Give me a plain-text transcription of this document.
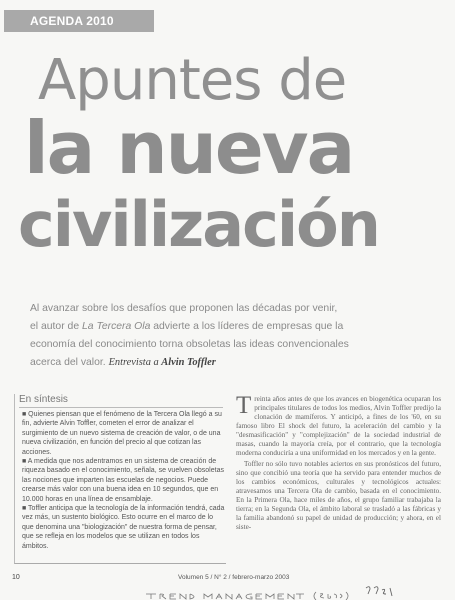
AGENDA 2010
Apuntes de
la nueva
civilización
Al avanzar sobre los desafíos que proponen las décadas por venir,
el autor de La Tercera Ola advierte a los líderes de empresas que la
economía del conocimiento torna obsoletas las ideas convencionales
acerca del valor. Entrevista a Alvin Toffler
En síntesis

■ Quienes piensan que el fenómeno de la Tercera Ola llegó a su fin, advierte Alvin Toffler, cometen el error de analizar el surgimiento de un nuevo sistema de creación de valor, o de una nueva civilización, en función del precio al que cotizan las acciones.

■ A medida que nos adentramos en un sistema de creación de riqueza basado en el conocimiento, señala, se vuelven obsoletas las nociones que imparten las escuelas de negocios. Puede crearse más valor con una buena idea en 10 segundos, que en 10.000 horas en una línea de ensamblaje.

■ Toffler anticipa que la tecnología de la información tendrá, cada vez más, un sustento biológico. Esto ocurre en el marco de lo que denomina una "biologización" de nuestra forma de pensar, que se refleja en los modelos que se utilizan en todos los ámbitos.

Treinta años antes de que los avances en biogenética ocuparan los principales titulares de todos los medios, Alvin Toffler predijo la clonación de mamíferos. Y anticipó, a fines de los '60, en su famoso libro El shock del futuro, la aceleración del cambio y la "desmasificación" y "complejización" de la sociedad industrial de masas, cuando la mayoría creía, por el contrario, que la tecnología moderna conduciría a una uniformidad en los mercados y en la gente.

Toffler no sólo tuvo notables aciertos en sus pronósticos del futuro, sino que concibió una teoría que ha servido para entender muchos de los cambios económicos, culturales y tecnológicos actuales: atravesamos una Tercera Ola de cambio, basada en el conocimiento. En la Primera Ola, hace miles de años, el grupo familiar trabajaba la tierra; en la Segunda Ola, el ámbito laboral se trasladó a las fábricas y la familia abandonó su papel de unidad de producción; y ahora, en el siste-

10	Volumen 5 / N° 2 / febrero-marzo 2003
